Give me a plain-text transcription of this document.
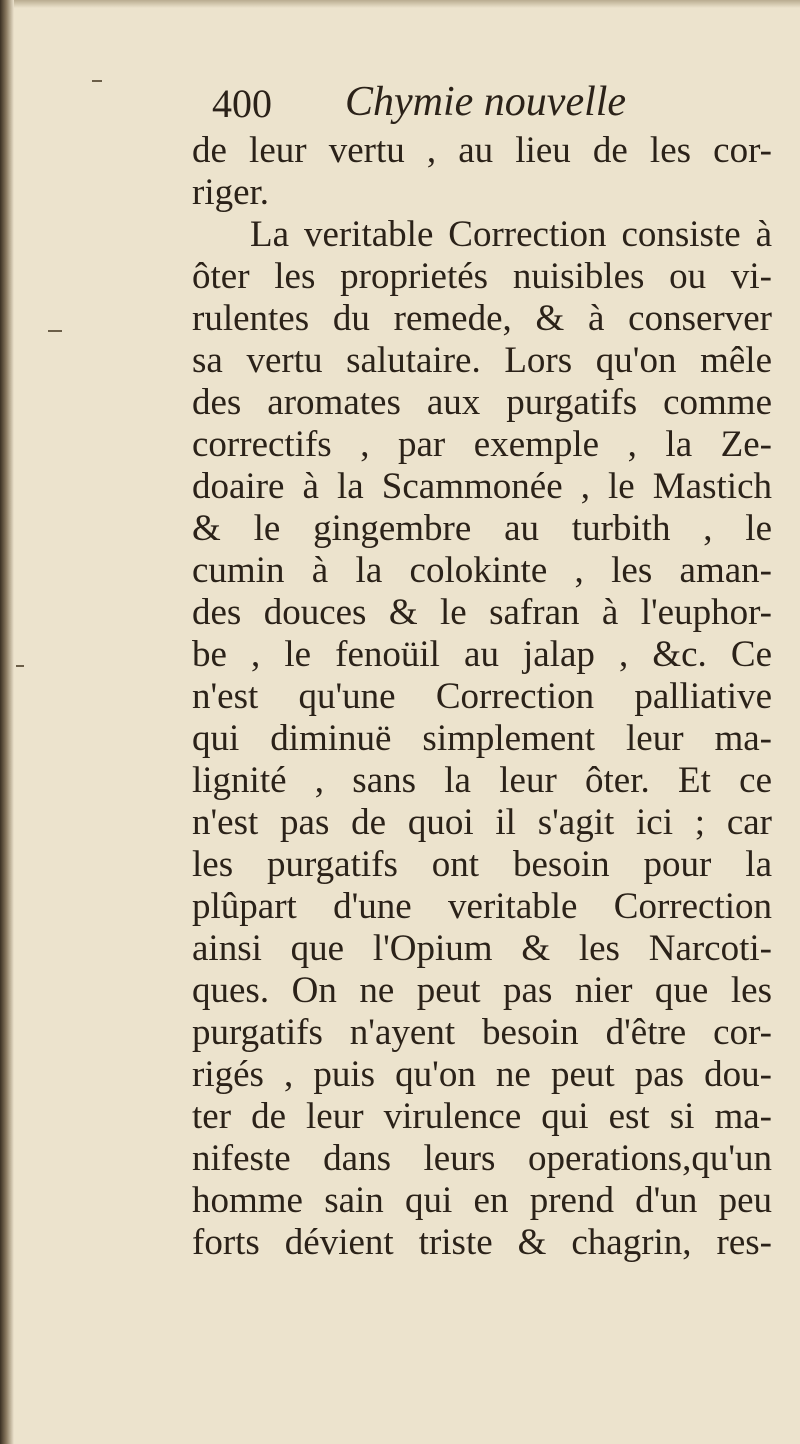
400 Chymie nouvelle
de leur vertu , au lieu de les cor-
riger.
La veritable Correction consiste à
ôter les proprietés nuisibles ou vi-
rulentes du remede, & à conserver
sa vertu salutaire. Lors qu'on mêle
des aromates aux purgatifs comme
correctifs , par exemple , la Ze-
doaire à la Scammonée , le Mastich
& le gingembre au turbith , le
cumin à la colokinte , les aman-
des douces & le safran à l'euphor-
be , le fenoüil au jalap , &c. Ce
n'est qu'une Correction palliative
qui diminuë simplement leur ma-
lignité , sans la leur ôter. Et ce
n'est pas de quoi il s'agit ici ; car
les purgatifs ont besoin pour la
plûpart d'une veritable Correction
ainsi que l'Opium & les Narcoti-
ques. On ne peut pas nier que les
purgatifs n'ayent besoin d'être cor-
rigés , puis qu'on ne peut pas dou-
ter de leur virulence qui est si ma-
nifeste dans leurs operations,qu'un
homme sain qui en prend d'un peu
forts dévient triste & chagrin, res-
